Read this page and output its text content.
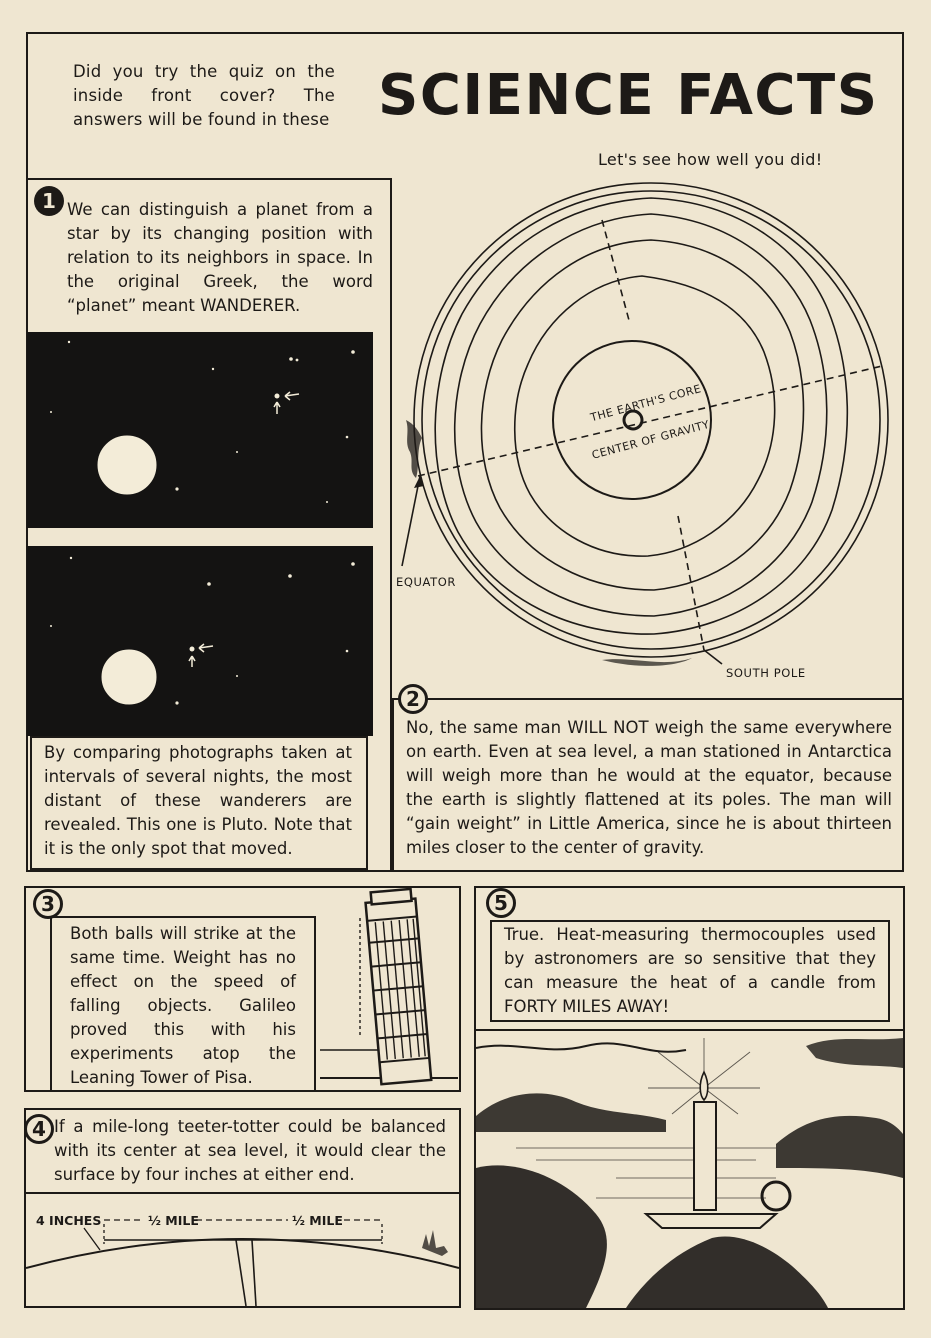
Did you try the quiz on the inside front cover? The answers will be found in these SCIENCE FACTS
Let's see how well you did!
1 We can distinguish a planet from a star by its changing position with relation to its neighbors in space. In the original Greek, the word “planet” meant WANDERER.
By comparing photographs taken at intervals of several nights, the most distant of these wanderers are revealed. This one is Pluto. Note that it is the only spot that moved.
THE EARTH'S CORE
CENTER OF GRAVITY
EQUATOR
SOUTH POLE
2
No, the same man WILL NOT weigh the same everywhere on earth. Even at sea level, a man stationed in Antarctica will weigh more than he would at the equator, because the earth is slightly flattened at its poles. The man will “gain weight” in Little America, since he is about thirteen miles closer to the center of gravity.
3
Both balls will strike at the same time. Weight has no effect on the speed of falling objects. Galileo proved this with his experiments atop the Leaning Tower of Pisa.
4 If a mile-long teeter-totter could be balanced with its center at sea level, it would clear the surface by four inches at either end.
4 INCHES	½ MILE	½ MILE
5
True. Heat-measuring thermocouples used by astronomers are so sensitive that they can measure the heat of a candle from FORTY MILES AWAY!
